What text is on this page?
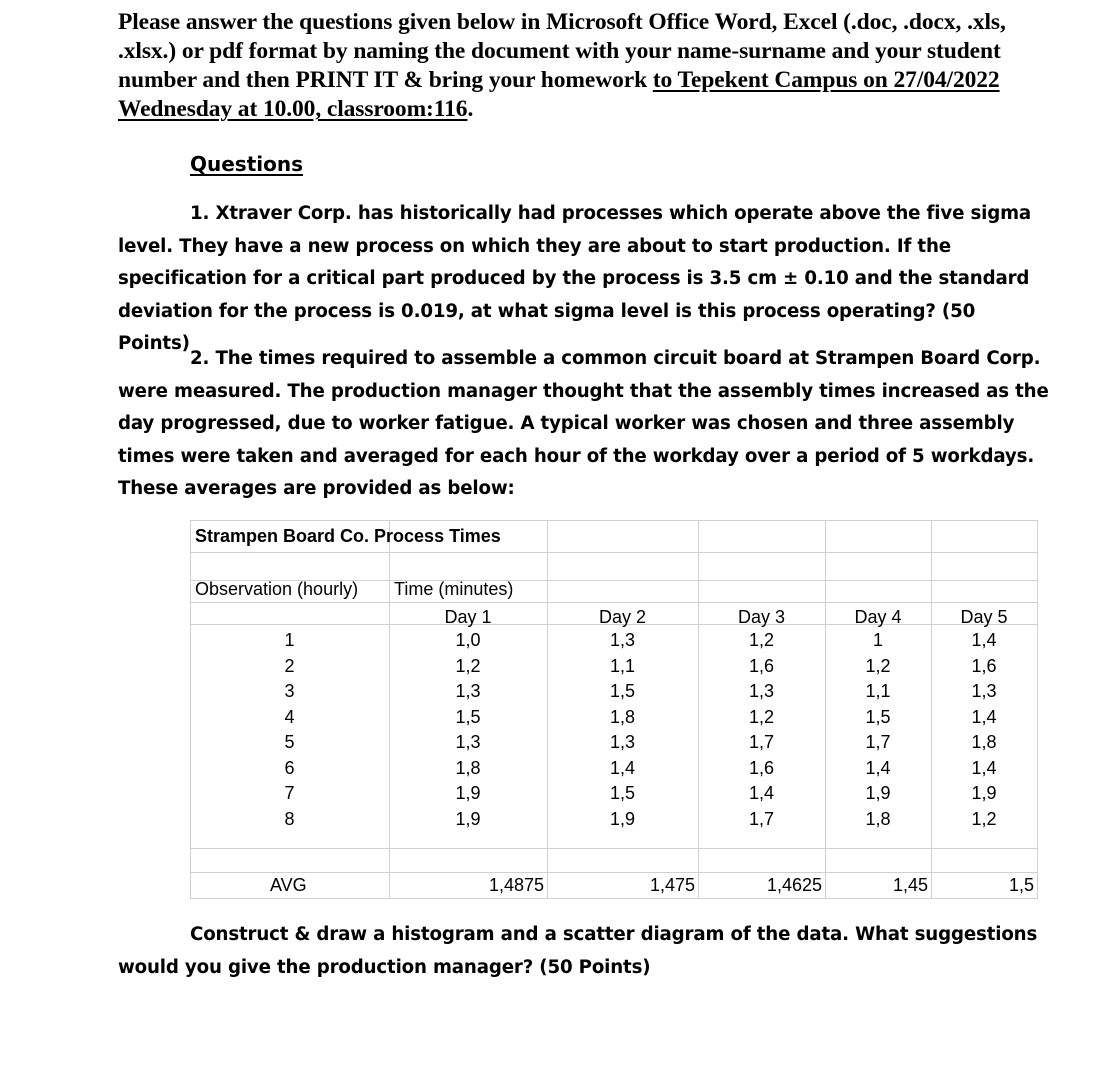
Please answer the questions given below in Microsoft Office Word, Excel (.doc, .docx, .xls, .xlsx.) or pdf format by naming the document with your name-surname and your student number and then PRINT IT & bring your homework to Tepekent Campus on 27/04/2022 Wednesday at 10.00, classroom:116.

Questions

1. Xtraver Corp. has historically had processes which operate above the five sigma level. They have a new process on which they are about to start production. If the specification for a critical part produced by the process is 3.5 cm ± 0.10 and the standard deviation for the process is 0.019, at what sigma level is this process operating? (50 Points)

2. The times required to assemble a common circuit board at Strampen Board Corp. were measured. The production manager thought that the assembly times increased as the day progressed, due to worker fatigue. A typical worker was chosen and three assembly times were taken and averaged for each hour of the workday over a period of 5 workdays. These averages are provided as below:

Strampen Board Co. Process Times
Observation (hourly) Time (minutes)
Day 1	Day 2	Day 3	Day 4	Day 5
1	1,0	1,3	1,2	1	1,4
2	1,2	1,1	1,6	1,2	1,6
3	1,3	1,5	1,3	1,1	1,3
4	1,5	1,8	1,2	1,5	1,4
5	1,3	1,3	1,7	1,7	1,8
6	1,8	1,4	1,6	1,4	1,4
7	1,9	1,5	1,4	1,9	1,9
8	1,9	1,9	1,7	1,8	1,2
AVG	1,4875	1,475	1,4625	1,45	1,5

Construct & draw a histogram and a scatter diagram of the data. What suggestions would you give the production manager? (50 Points)
